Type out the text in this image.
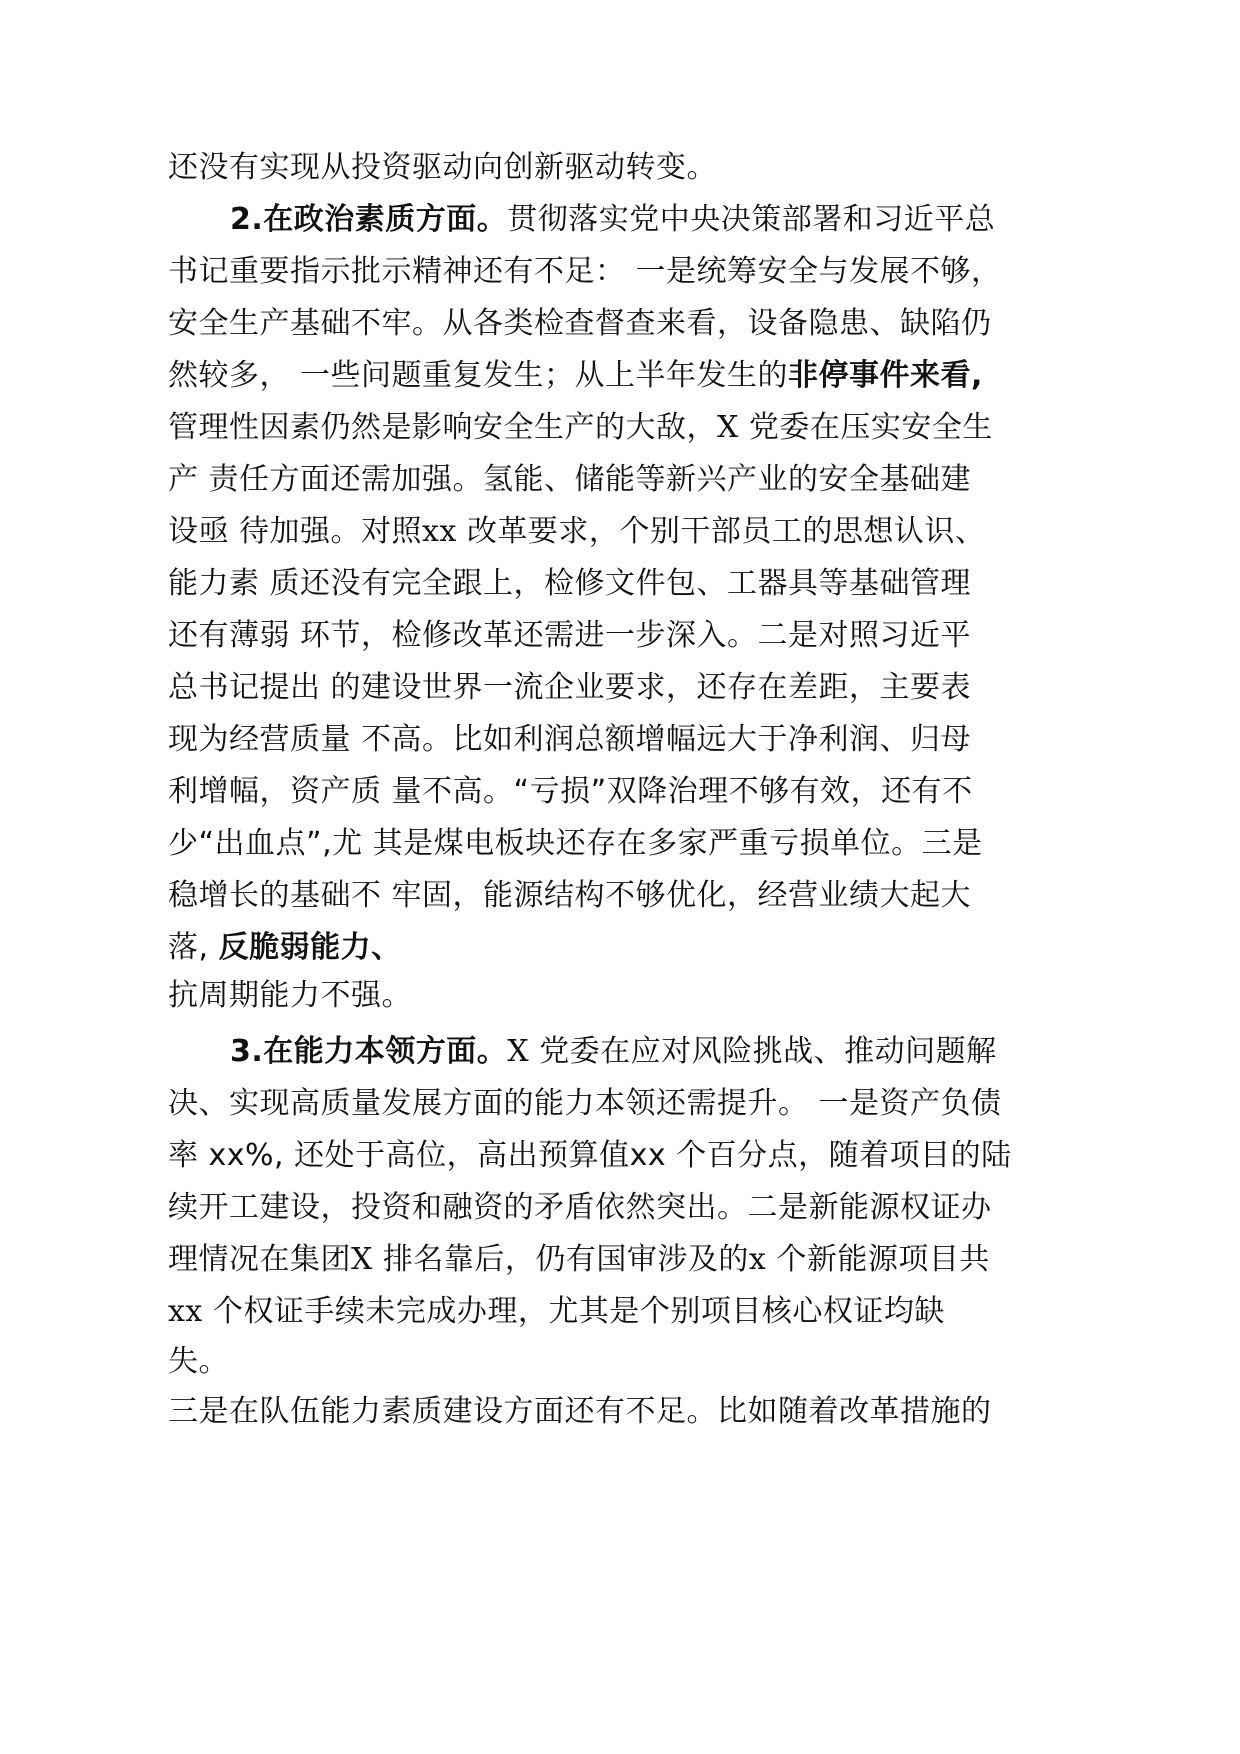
还没有实现从投资驱动向创新驱动转变。
2.在政治素质方面。贯彻落实党中央决策部署和习近平总
书记重要指示批示精神还有不足： 一是统筹安全与发展不够，
安全生产基础不牢。从各类检查督查来看，设备隐患、缺陷仍
然较多， 一些问题重复发生；从上半年发生的非停事件来看,
管理性因素仍然是影响安全生产的大敌，X 党委在压实安全生
产 责任方面还需加强。氢能、储能等新兴产业的安全基础建
设亟 待加强。对照xx 改革要求，个别干部员工的思想认识、
能力素 质还没有完全跟上，检修文件包、工器具等基础管理
还有薄弱 环节，检修改革还需进一步深入。二是对照习近平
总书记提出 的建设世界一流企业要求，还存在差距，主要表
现为经营质量 不高。比如利润总额增幅远大于净利润、归母
利增幅，资产质 量不高。“亏损”双降治理不够有效，还有不
少“出血点”,尤 其是煤电板块还存在多家严重亏损单位。三是
稳增长的基础不 牢固，能源结构不够优化，经营业绩大起大
落, 反脆弱能力、
抗周期能力不强。
3.在能力本领方面。X 党委在应对风险挑战、推动问题解
决、实现高质量发展方面的能力本领还需提升。 一是资产负债
率 xx%, 还处于高位，高出预算值xx 个百分点，随着项目的陆
续开工建设，投资和融资的矛盾依然突出。二是新能源权证办
理情况在集团X 排名靠后，仍有国审涉及的x 个新能源项目共
xx 个权证手续未完成办理，尤其是个别项目核心权证均缺
失。
三是在队伍能力素质建设方面还有不足。比如随着改革措施的
